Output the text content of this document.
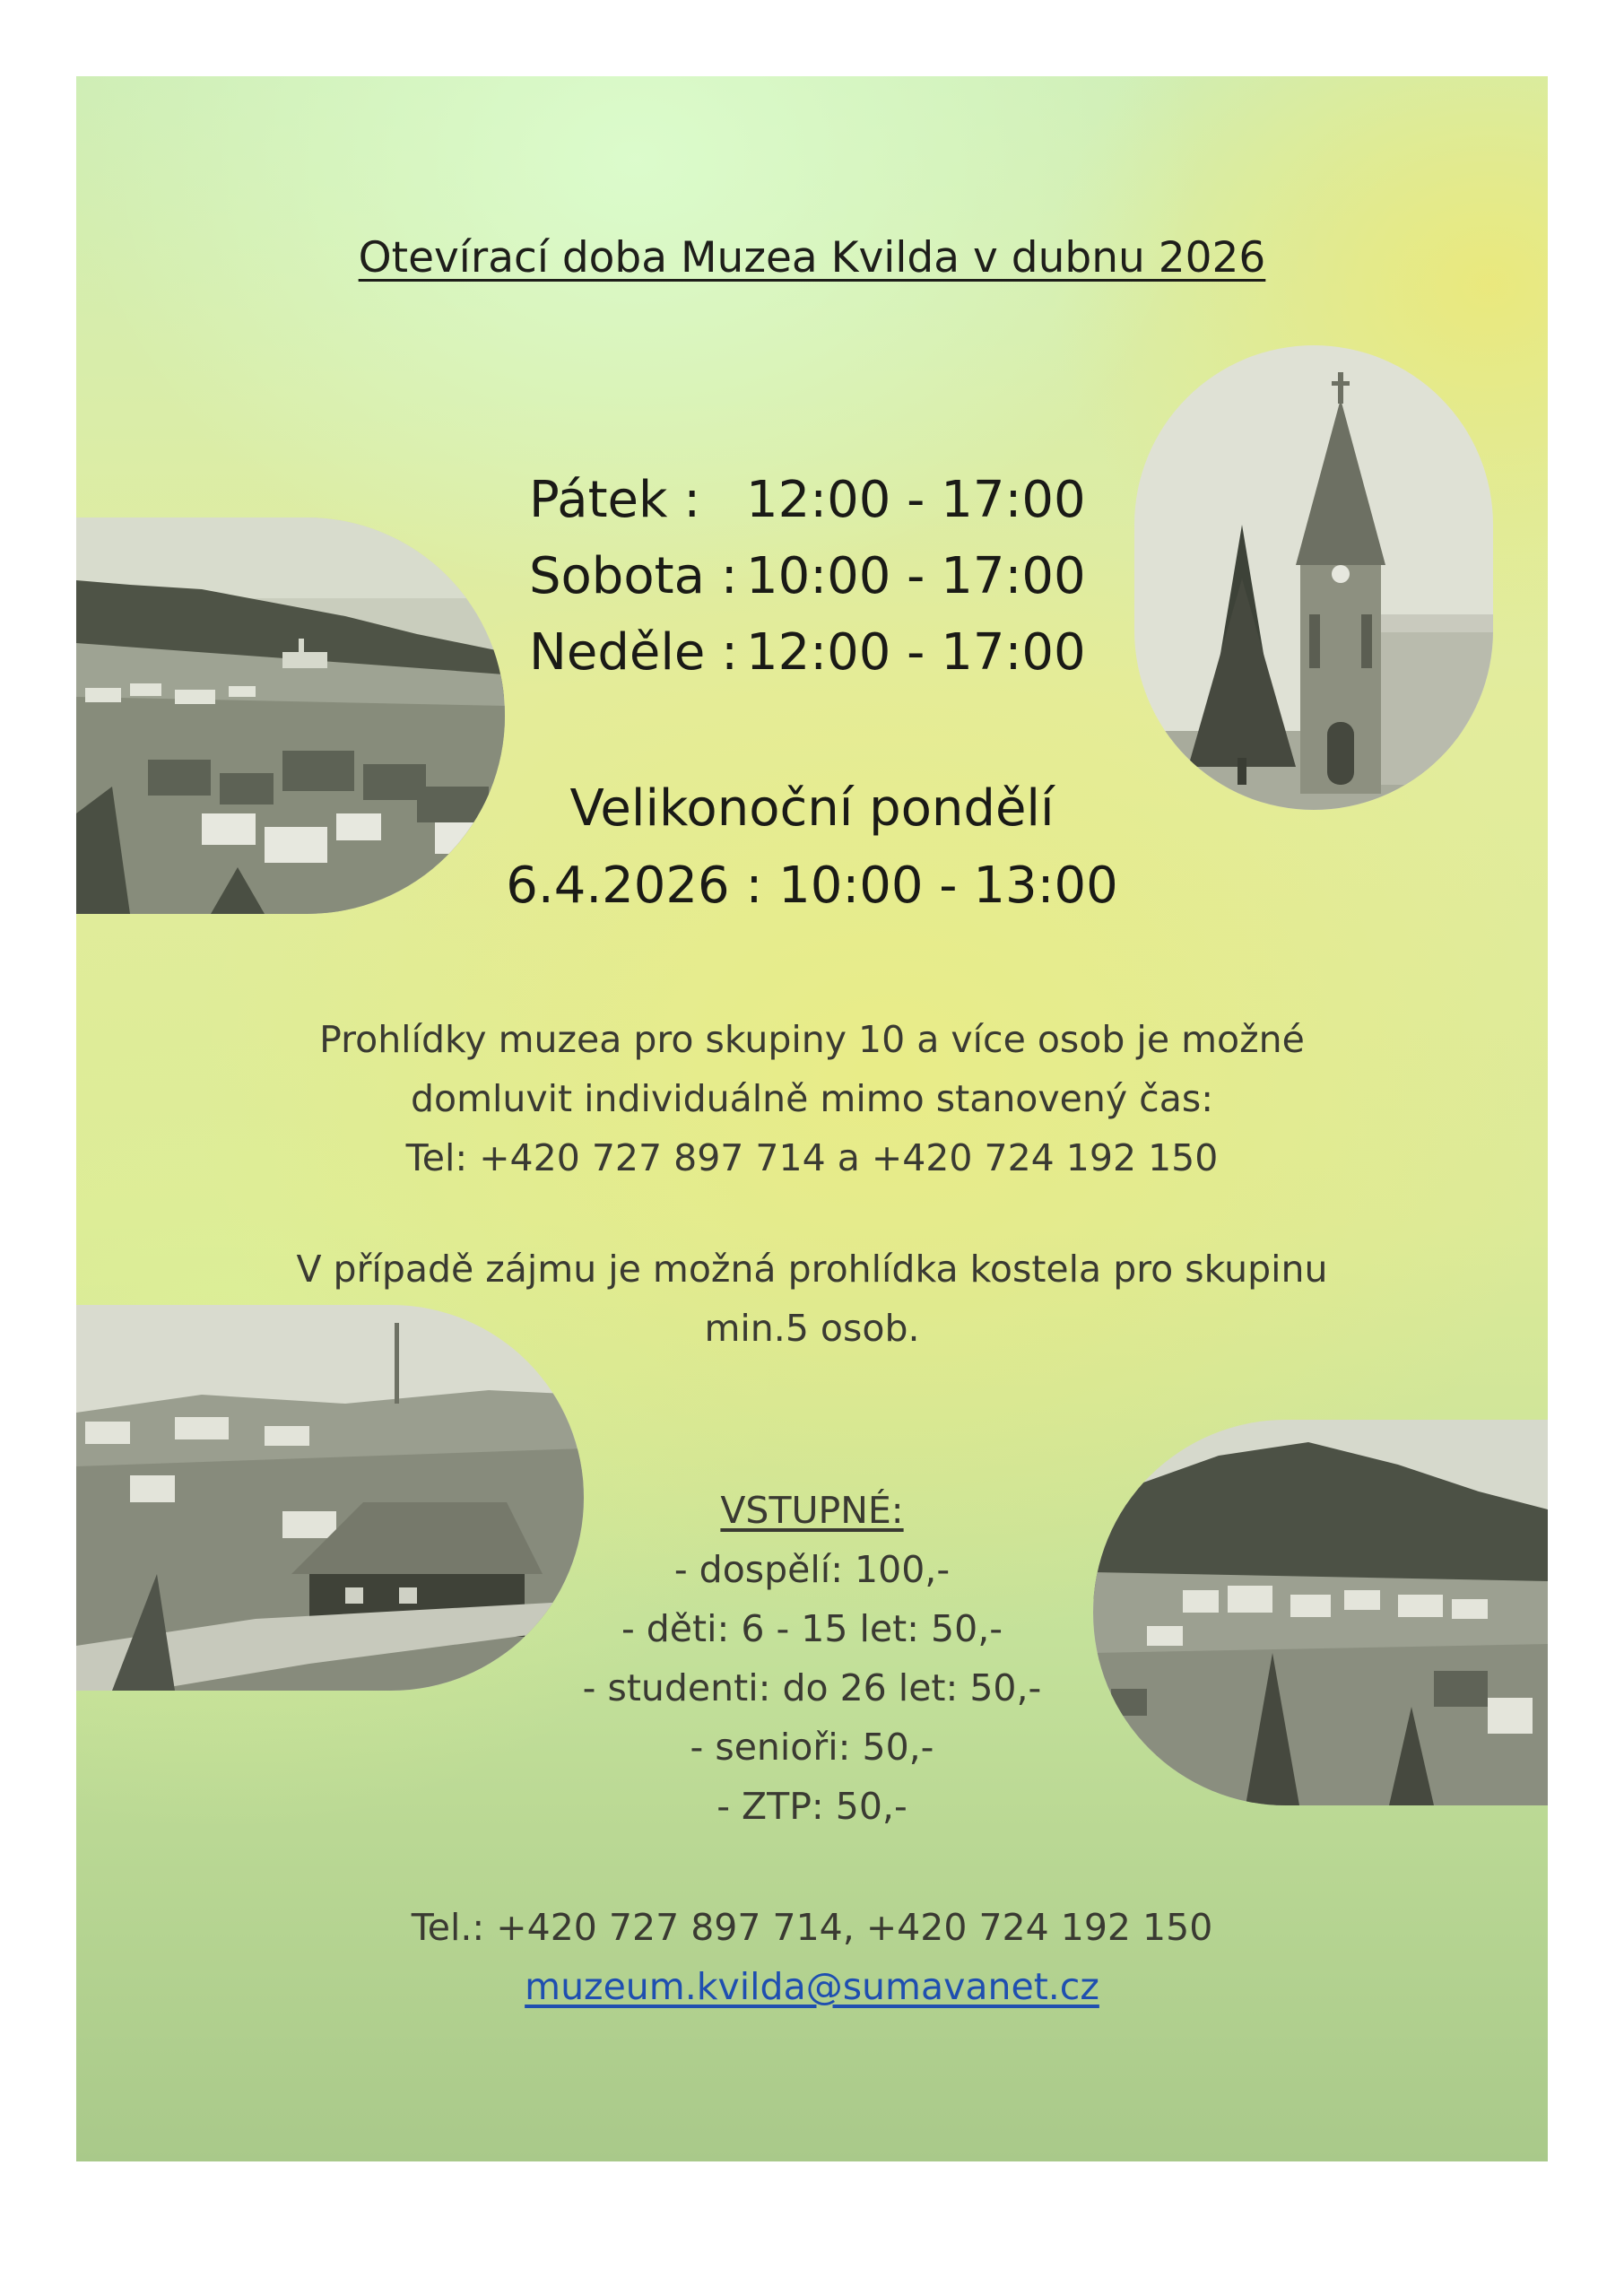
Otevírací doba Muzea Kvilda v dubnu 2026
Pátek : 12:00 - 17:00
Sobota : 10:00 - 17:00
Neděle : 12:00 - 17:00
Velikonoční pondělí
6.4.2026 : 10:00 - 13:00
Prohlídky muzea pro skupiny 10 a více osob je možné
domluvit individuálně mimo stanovený čas:
Tel: +420 727 897 714 a +420 724 192 150
V případě zájmu je možná prohlídka kostela pro skupinu
min.5 osob.
VSTUPNÉ:
- dospělí: 100,-
- děti: 6 - 15 let: 50,-
- studenti: do 26 let: 50,-
- senioři: 50,-
- ZTP: 50,-
Tel.: +420 727 897 714, +420 724 192 150
muzeum.kvilda@sumavanet.cz
